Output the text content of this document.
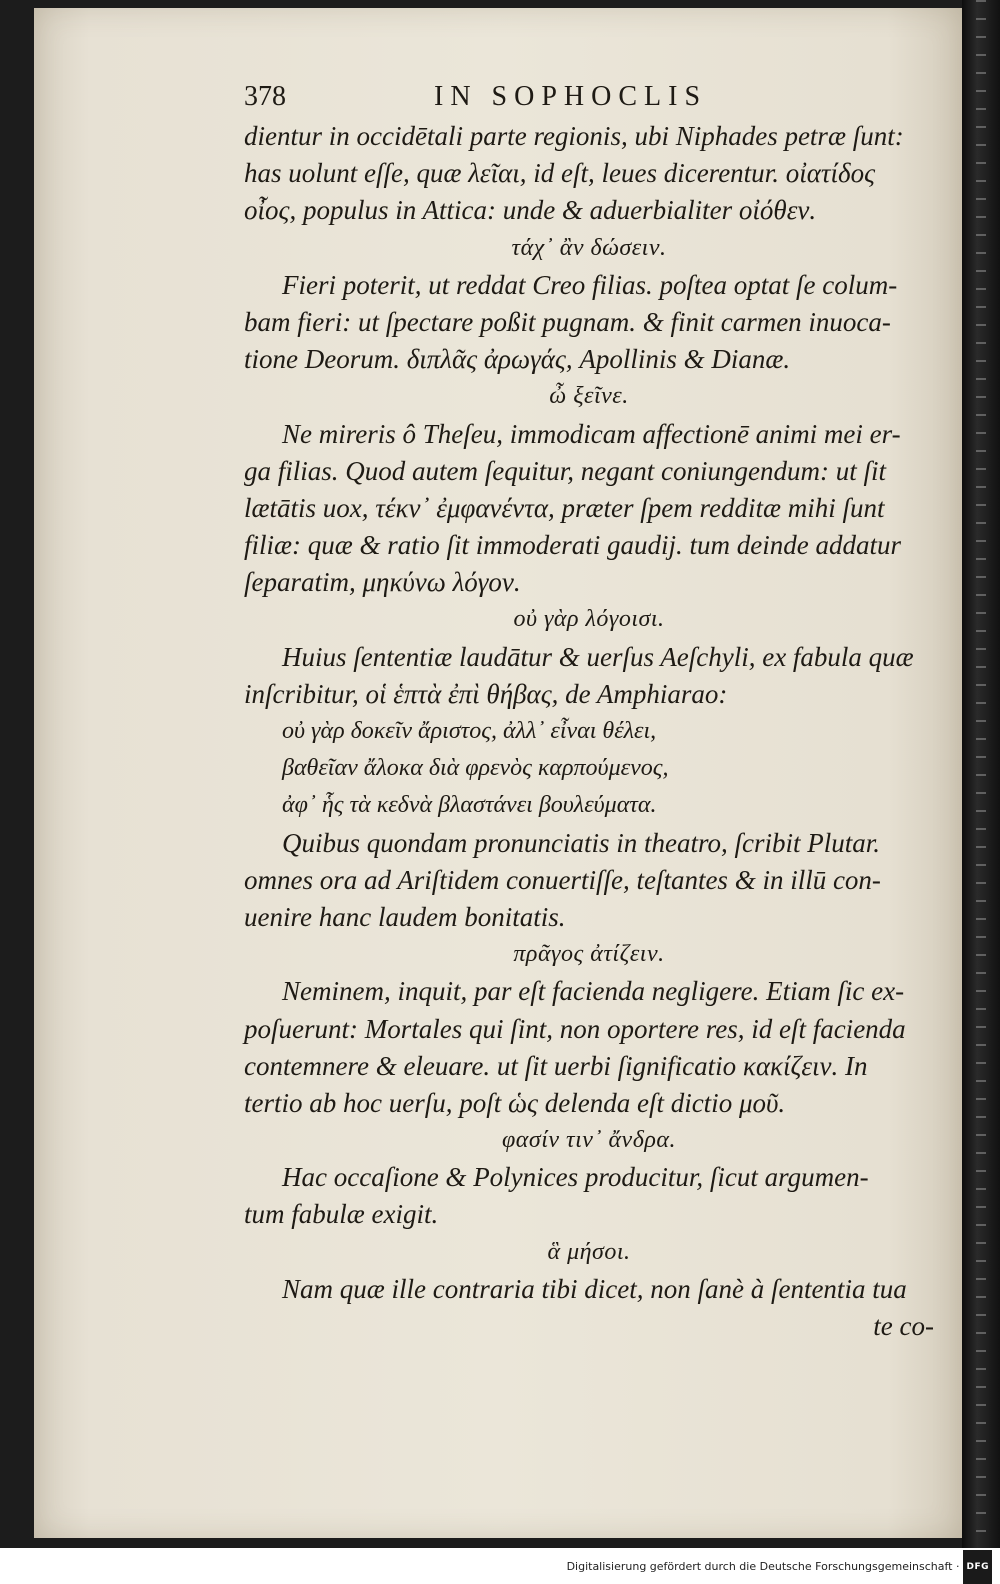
378	IN SOPHOCLIS
dientur in occidētali parte regionis, ubi Niphades petræ ſunt:
has uolunt eſſe, quæ λεῖαι, id eſt, leues dicerentur. οἰατίδος
οἶος, populus in Attica: unde & aduerbialiter οἰόθεν.
τάχ᾽ ἂν δώσειν.
Fieri poterit, ut reddat Creo filias. poſtea optat ſe colum-
bam fieri: ut ſpectare poßit pugnam. & finit carmen inuoca-
tione Deorum. διπλᾶς ἀρωγάς, Apollinis & Dianæ.
ὦ ξεῖνε.
Ne mireris ô Theſeu, immodicam affectionē animi mei er-
ga filias. Quod autem ſequitur, negant coniungendum: ut ſit
lætātis uox, τέκν᾽ ἐμφανέντα, præter ſpem redditæ mihi ſunt
filiæ: quæ & ratio ſit immoderati gaudij. tum deinde addatur
ſeparatim, μηκύνω λόγον.
οὐ γὰρ λόγοισι.
Huius ſententiæ laudātur & uerſus Aeſchyli, ex fabula quæ
inſcribitur, οἱ ἑπτὰ ἐπὶ θήβας, de Amphiarao:
οὐ γὰρ δοκεῖν ἄριστος, ἀλλ᾽ εἶναι θέλει,
βαθεῖαν ἄλοκα διὰ φρενὸς καρπούμενος,
ἀφ᾽ ἧς τὰ κεδνὰ βλαστάνει βουλεύματα.
Quibus quondam pronunciatis in theatro, ſcribit Plutar.
omnes ora ad Ariſtidem conuertiſſe, teſtantes & in illū con-
uenire hanc laudem bonitatis.
πρᾶγος ἀτίζειν.
Neminem, inquit, par eſt facienda negligere. Etiam ſic ex-
poſuerunt: Mortales qui ſint, non oportere res, id eſt facienda
contemnere & eleuare. ut ſit uerbi ſignificatio κακίζειν. In
tertio ab hoc uerſu, poſt ὡς delenda eſt dictio μοῦ.
φασίν τιν᾽ ἄνδρα.
Hac occaſione & Polynices producitur, ſicut argumen-
tum fabulæ exigit.
ἃ μήσοι.
Nam quæ ille contraria tibi dicet, non ſanè à ſententia tua
te co-
Digitalisierung gefördert durch die Deutsche Forschungsgemeinschaft · DFG
